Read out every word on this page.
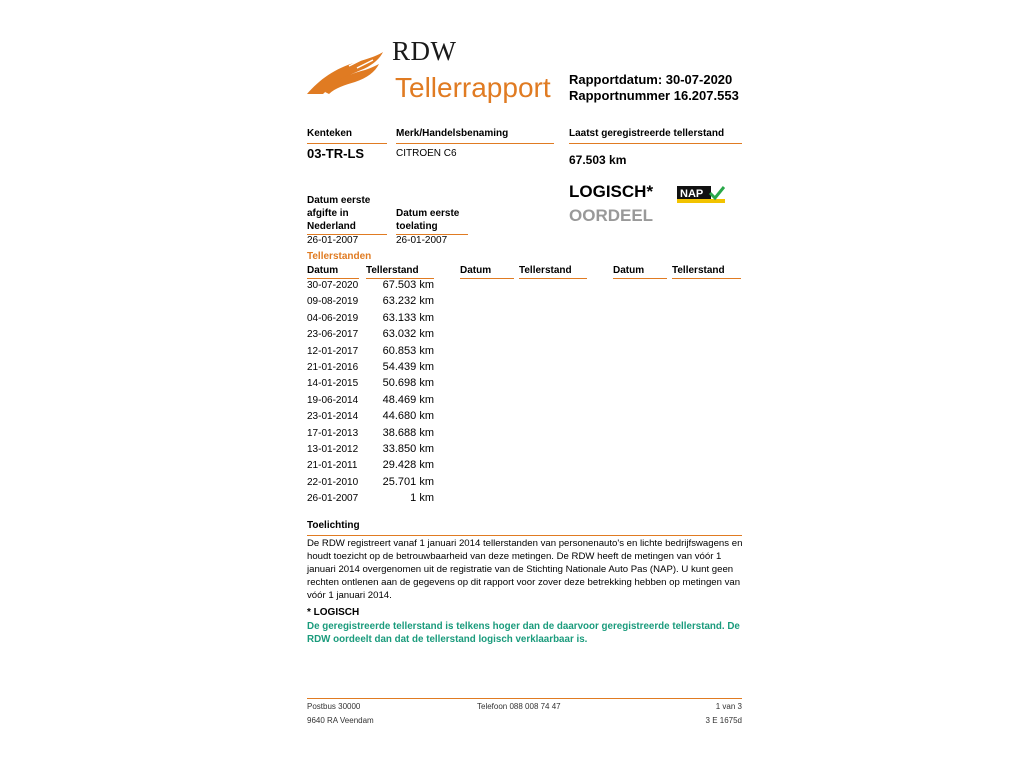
RDW
Tellerrapport Rapportdatum: 30-07-2020
Rapportnummer 16.207.553
Kenteken
03-TR-LS
Merk/Handelsbenaming
CITROEN C6
Laatst geregistreerde tellerstand
67.503 km
Datum eerste
afgifte in
Nederland
26-01-2007
Datum eerste
toelating
26-01-2007
LOGISCH*
OORDEEL
NAP
Tellerstanden
Datum	Tellerstand	Datum	Tellerstand	Datum	Tellerstand
30-07-2020	67.503 km
09-08-2019	63.232 km
04-06-2019	63.133 km
23-06-2017	63.032 km
12-01-2017	60.853 km
21-01-2016	54.439 km
14-01-2015	50.698 km
19-06-2014	48.469 km
23-01-2014	44.680 km
17-01-2013	38.688 km
13-01-2012	33.850 km
21-01-2011	29.428 km
22-01-2010	25.701 km
26-01-2007	1 km
Toelichting
De RDW registreert vanaf 1 januari 2014 tellerstanden van personenauto's en lichte bedrijfswagens en houdt toezicht op de betrouwbaarheid van deze metingen. De RDW heeft de metingen van vóór 1 januari 2014 overgenomen uit de registratie van de Stichting Nationale Auto Pas (NAP). U kunt geen rechten ontlenen aan de gegevens op dit rapport voor zover deze betrekking hebben op metingen van vóór 1 januari 2014.
* LOGISCH
De geregistreerde tellerstand is telkens hoger dan de daarvoor geregistreerde tellerstand. De RDW oordeelt dan dat de tellerstand logisch verklaarbaar is.
Postbus 30000
9640 RA Veendam
Telefoon 088 008 74 47	1 van 3
3 E 1675d
